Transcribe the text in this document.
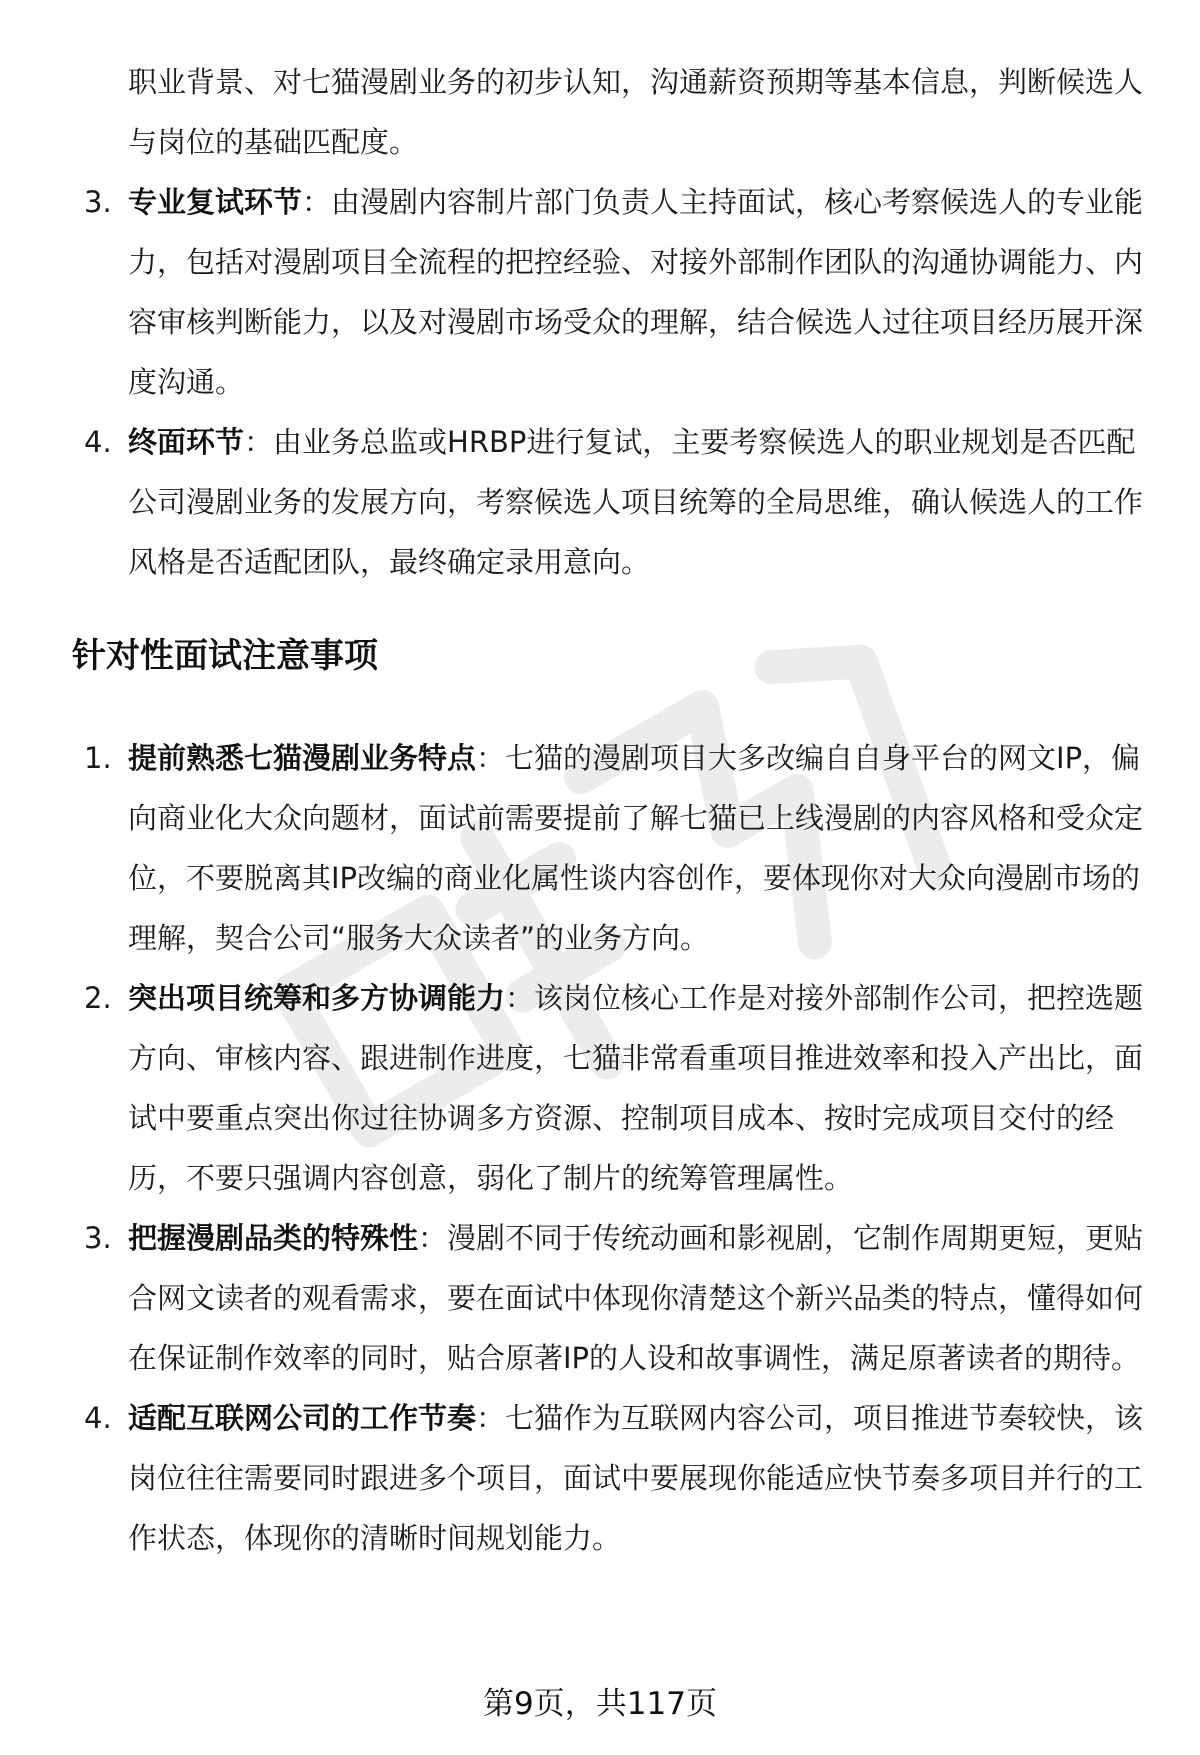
职业背景、对七猫漫剧业务的初步认知，沟通薪资预期等基本信息，判断候选人与岗位的基础匹配度。
3. 专业复试环节：由漫剧内容制片部门负责人主持面试，核心考察候选人的专业能力，包括对漫剧项目全流程的把控经验、对接外部制作团队的沟通协调能力、内容审核判断能力，以及对漫剧市场受众的理解，结合候选人过往项目经历展开深度沟通。
4. 终面环节：由业务总监或HRBP进行复试，主要考察候选人的职业规划是否匹配公司漫剧业务的发展方向，考察候选人项目统筹的全局思维，确认候选人的工作风格是否适配团队，最终确定录用意向。
针对性面试注意事项
1. 提前熟悉七猫漫剧业务特点：七猫的漫剧项目大多改编自自身平台的网文IP，偏向商业化大众向题材，面试前需要提前了解七猫已上线漫剧的内容风格和受众定位，不要脱离其IP改编的商业化属性谈内容创作，要体现你对大众向漫剧市场的理解，契合公司“服务大众读者”的业务方向。
2. 突出项目统筹和多方协调能力：该岗位核心工作是对接外部制作公司，把控选题方向、审核内容、跟进制作进度，七猫非常看重项目推进效率和投入产出比，面试中要重点突出你过往协调多方资源、控制项目成本、按时完成项目交付的经历，不要只强调内容创意，弱化了制片的统筹管理属性。
3. 把握漫剧品类的特殊性：漫剧不同于传统动画和影视剧，它制作周期更短，更贴合网文读者的观看需求，要在面试中体现你清楚这个新兴品类的特点，懂得如何在保证制作效率的同时，贴合原著IP的人设和故事调性，满足原著读者的期待。
4. 适配互联网公司的工作节奏：七猫作为互联网内容公司，项目推进节奏较快，该岗位往往需要同时跟进多个项目，面试中要展现你能适应快节奏多项目并行的工作状态，体现你的清晰时间规划能力。
第9页，共117页
